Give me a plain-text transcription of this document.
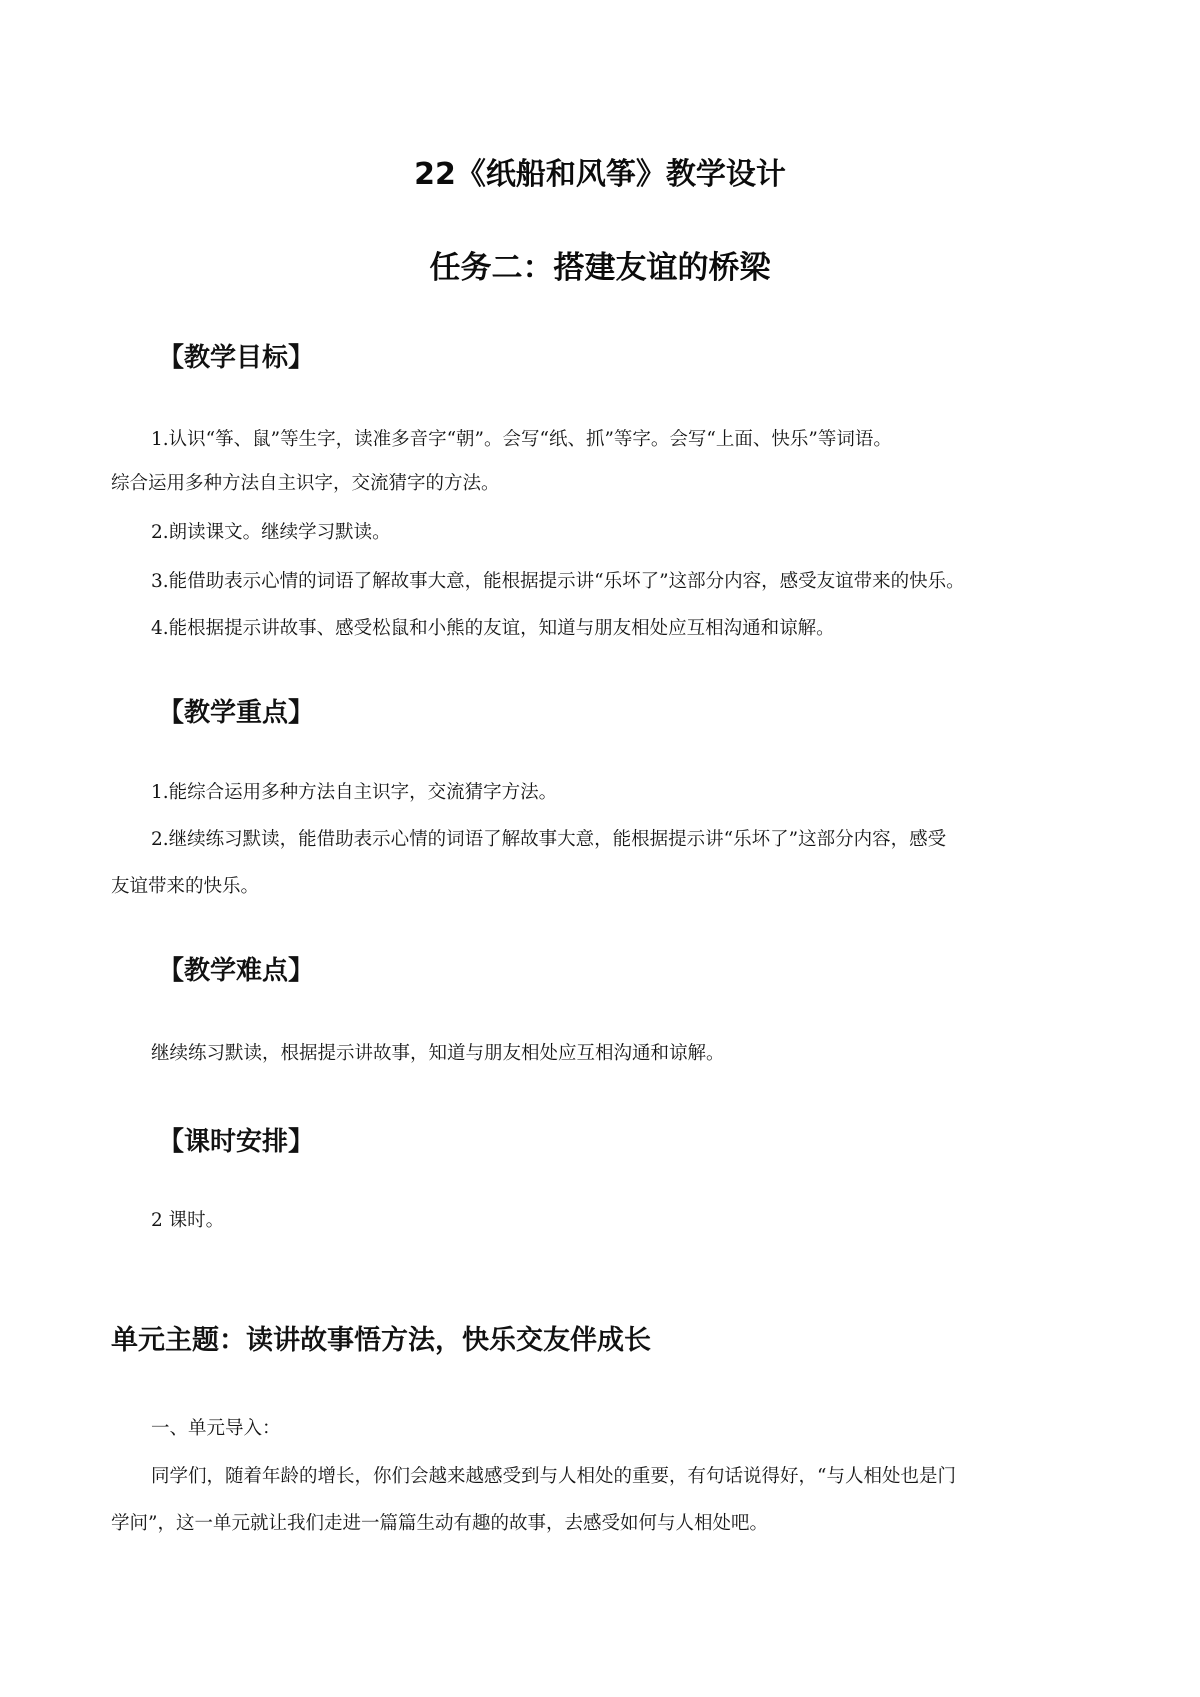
22《纸船和风筝》教学设计
任务二：搭建友谊的桥梁
【教学目标】
1.认识“筝、鼠”等生字，读准多音字“朝”。会写“纸、抓”等字。会写“上面、快乐”等词语。
综合运用多种方法自主识字，交流猜字的方法。
2.朗读课文。继续学习默读。
3.能借助表示心情的词语了解故事大意，能根据提示讲“乐坏了”这部分内容，感受友谊带来的快乐。
4.能根据提示讲故事、感受松鼠和小熊的友谊，知道与朋友相处应互相沟通和谅解。
【教学重点】
1.能综合运用多种方法自主识字，交流猜字方法。
2.继续练习默读，能借助表示心情的词语了解故事大意，能根据提示讲“乐坏了”这部分内容，感受
友谊带来的快乐。
【教学难点】
继续练习默读，根据提示讲故事，知道与朋友相处应互相沟通和谅解。
【课时安排】
2 课时。
单元主题：读讲故事悟方法，快乐交友伴成长
一、单元导入：
同学们，随着年龄的增长，你们会越来越感受到与人相处的重要，有句话说得好，“与人相处也是门
学问”，这一单元就让我们走进一篇篇生动有趣的故事，去感受如何与人相处吧。
